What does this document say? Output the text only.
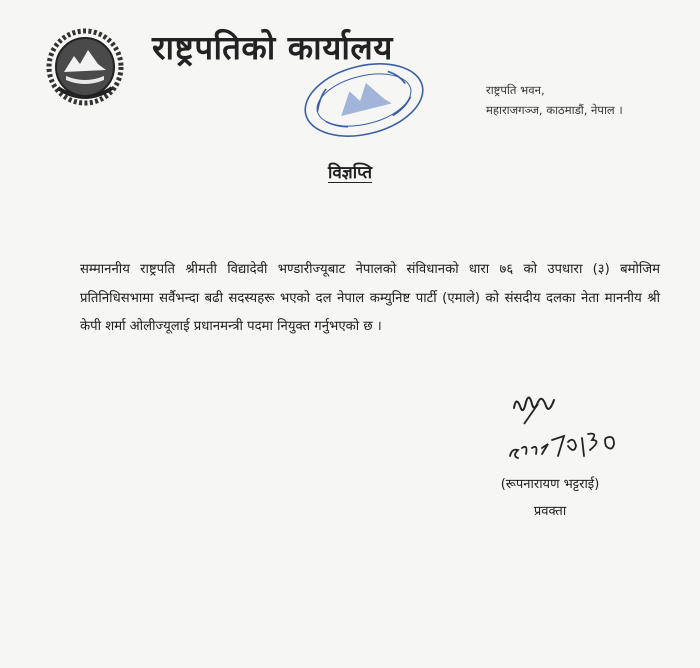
राष्ट्रपतिको कार्यालय
राष्ट्रपति भवन,
महाराजगञ्ज, काठमाडौं, नेपाल ।
विज्ञप्ति
सम्माननीय राष्ट्रपति श्रीमती विद्यादेवी भण्डारीज्यूबाट नेपालको संविधानको धारा ७६ को उपधारा (३) बमोजिम प्रतिनिधिसभामा सर्वैभन्दा बढी सदस्यहरू भएको दल नेपाल कम्युनिष्ट पार्टी (एमाले) को संसदीय दलका नेता माननीय श्री केपी शर्मा ओलीज्यूलाई प्रधानमन्त्री पदमा नियुक्त गर्नुभएको छ ।
(रूपनारायण भट्टराई)
प्रवक्ता
